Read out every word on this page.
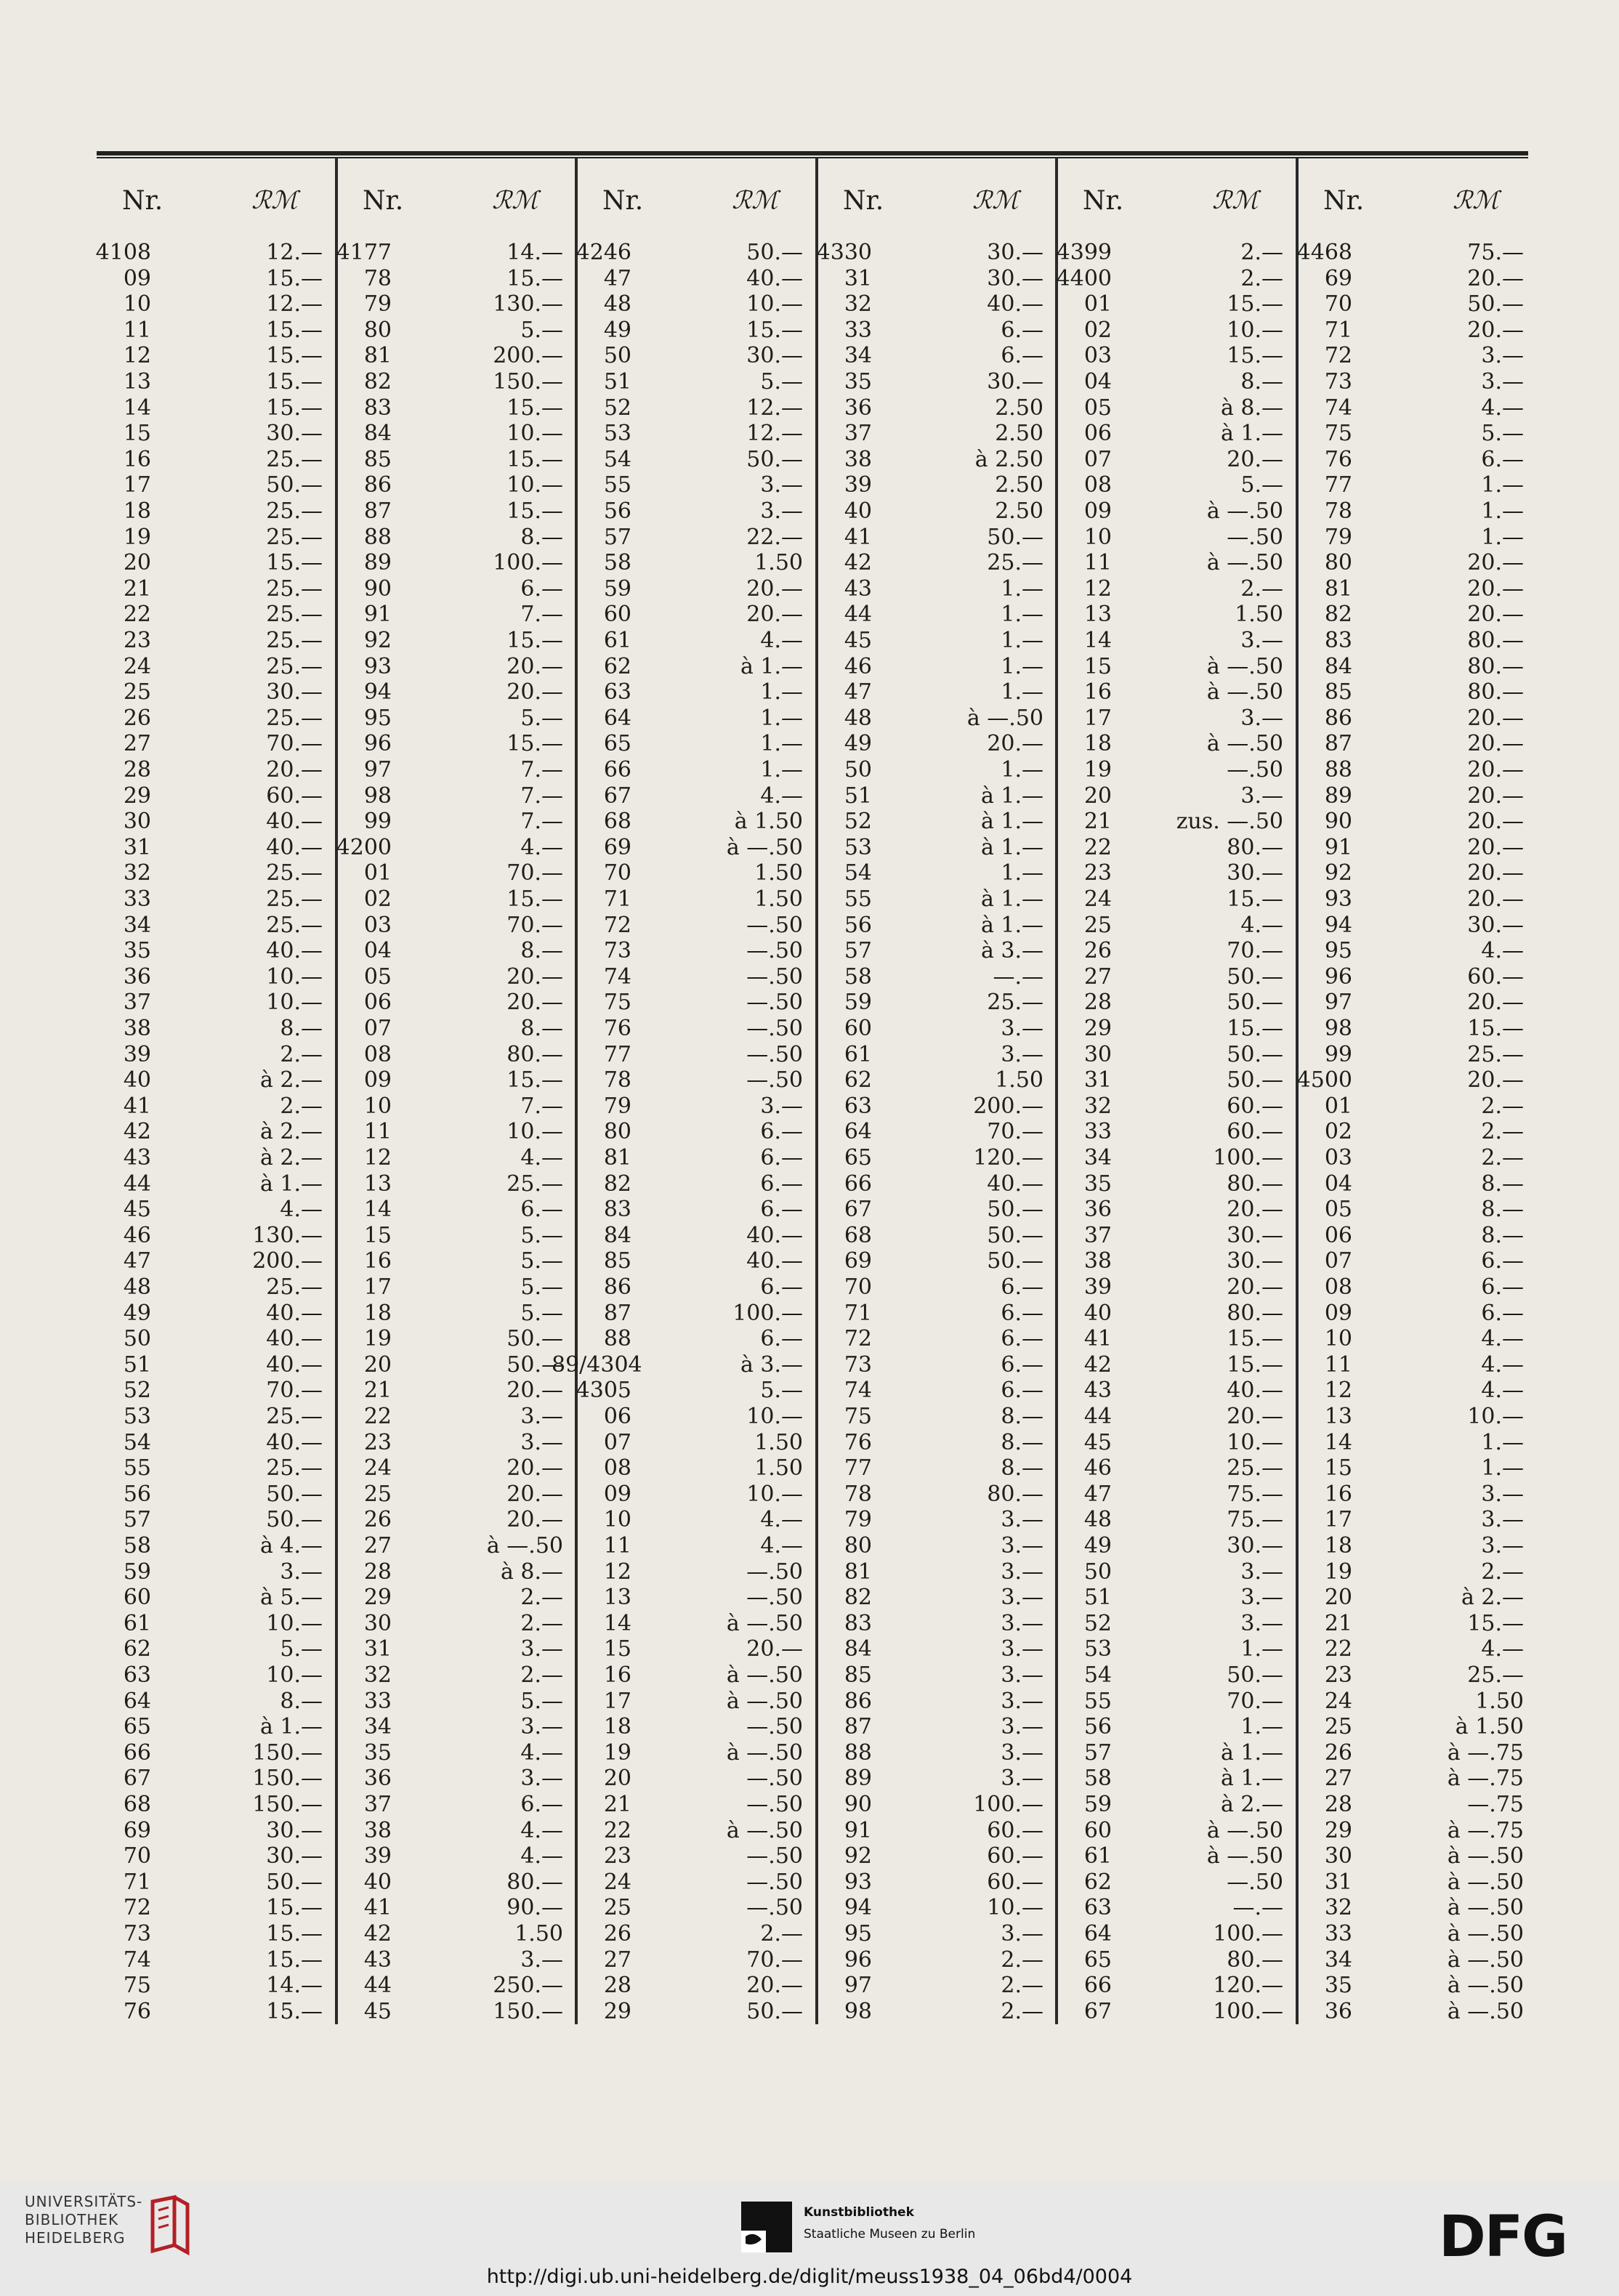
Nr.	ℛℳ
4108	12.—
09	15.—
10	12.—
11	15.—
12	15.—
13	15.—
14	15.—
15	30.—
16	25.—
17	50.—
18	25.—
19	25.—
20	15.—
21	25.—
22	25.—
23	25.—
24	25.—
25	30.—
26	25.—
27	70.—
28	20.—
29	60.—
30	40.—
31	40.—
32	25.—
33	25.—
34	25.—
35	40.—
36	10.—
37	10.—
38	8.—
39	2.—
40	à 2.—
41	2.—
42	à 2.—
43	à 2.—
44	à 1.—
45	4.—
46	130.—
47	200.—
48	25.—
49	40.—
50	40.—
51	40.—
52	70.—
53	25.—
54	40.—
55	25.—
56	50.—
57	50.—
58	à 4.—
59	3.—
60	à 5.—
61	10.—
62	5.—
63	10.—
64	8.—
65	à 1.—
66	150.—
67	150.—
68	150.—
69	30.—
70	30.—
71	50.—
72	15.—
73	15.—
74	15.—
75	14.—
76	15.—
Nr.	ℛℳ
4177	14.—
78	15.—
79	130.—
80	5.—
81	200.—
82	150.—
83	15.—
84	10.—
85	15.—
86	10.—
87	15.—
88	8.—
89	100.—
90	6.—
91	7.—
92	15.—
93	20.—
94	20.—
95	5.—
96	15.—
97	7.—
98	7.—
99	7.—
4200	4.—
01	70.—
02	15.—
03	70.—
04	8.—
05	20.—
06	20.—
07	8.—
08	80.—
09	15.—
10	7.—
11	10.—
12	4.—
13	25.—
14	6.—
15	5.—
16	5.—
17	5.—
18	5.—
19	50.—
20	50.—
21	20.—
22	3.—
23	3.—
24	20.—
25	20.—
26	20.—
27	à —.50
28	à 8.—
29	2.—
30	2.—
31	3.—
32	2.—
33	5.—
34	3.—
35	4.—
36	3.—
37	6.—
38	4.—
39	4.—
40	80.—
41	90.—
42	1.50
43	3.—
44	250.—
45	150.—
Nr.	ℛℳ
4246	50.—
47	40.—
48	10.—
49	15.—
50	30.—
51	5.—
52	12.—
53	12.—
54	50.—
55	3.—
56	3.—
57	22.—
58	1.50
59	20.—
60	20.—
61	4.—
62	à 1.—
63	1.—
64	1.—
65	1.—
66	1.—
67	4.—
68	à 1.50
69	à —.50
70	1.50
71	1.50
72	—.50
73	—.50
74	—.50
75	—.50
76	—.50
77	—.50
78	—.50
79	3.—
80	6.—
81	6.—
82	6.—
83	6.—
84	40.—
85	40.—
86	6.—
87	100.—
88	6.—
89/4304	à 3.—
4305	5.—
06	10.—
07	1.50
08	1.50
09	10.—
10	4.—
11	4.—
12	—.50
13	—.50
14	à —.50
15	20.—
16	à —.50
17	à —.50
18	—.50
19	à —.50
20	—.50
21	—.50
22	à —.50
23	—.50
24	—.50
25	—.50
26	2.—
27	70.—
28	20.—
29	50.—
Nr.	ℛℳ
4330	30.—
31	30.—
32	40.—
33	6.—
34	6.—
35	30.—
36	2.50
37	2.50
38	à 2.50
39	2.50
40	2.50
41	50.—
42	25.—
43	1.—
44	1.—
45	1.—
46	1.—
47	1.—
48	à —.50
49	20.—
50	1.—
51	à 1.—
52	à 1.—
53	à 1.—
54	1.—
55	à 1.—
56	à 1.—
57	à 3.—
58	—.—
59	25.—
60	3.—
61	3.—
62	1.50
63	200.—
64	70.—
65	120.—
66	40.—
67	50.—
68	50.—
69	50.—
70	6.—
71	6.—
72	6.—
73	6.—
74	6.—
75	8.—
76	8.—
77	8.—
78	80.—
79	3.—
80	3.—
81	3.—
82	3.—
83	3.—
84	3.—
85	3.—
86	3.—
87	3.—
88	3.—
89	3.—
90	100.—
91	60.—
92	60.—
93	60.—
94	10.—
95	3.—
96	2.—
97	2.—
98	2.—
Nr.	ℛℳ
4399	2.—
4400	2.—
01	15.—
02	10.—
03	15.—
04	8.—
05	à 8.—
06	à 1.—
07	20.—
08	5.—
09	à —.50
10	—.50
11	à —.50
12	2.—
13	1.50
14	3.—
15	à —.50
16	à —.50
17	3.—
18	à —.50
19	—.50
20	3.—
21	zus. —.50
22	80.—
23	30.—
24	15.—
25	4.—
26	70.—
27	50.—
28	50.—
29	15.—
30	50.—
31	50.—
32	60.—
33	60.—
34	100.—
35	80.—
36	20.—
37	30.—
38	30.—
39	20.—
40	80.—
41	15.—
42	15.—
43	40.—
44	20.—
45	10.—
46	25.—
47	75.—
48	75.—
49	30.—
50	3.—
51	3.—
52	3.—
53	1.—
54	50.—
55	70.—
56	1.—
57	à 1.—
58	à 1.—
59	à 2.—
60	à —.50
61	à —.50
62	—.50
63	—.—
64	100.—
65	80.—
66	120.—
67	100.—
Nr.	ℛℳ
4468	75.—
69	20.—
70	50.—
71	20.—
72	3.—
73	3.—
74	4.—
75	5.—
76	6.—
77	1.—
78	1.—
79	1.—
80	20.—
81	20.—
82	20.—
83	80.—
84	80.—
85	80.—
86	20.—
87	20.—
88	20.—
89	20.—
90	20.—
91	20.—
92	20.—
93	20.—
94	30.—
95	4.—
96	60.—
97	20.—
98	15.—
99	25.—
4500	20.—
01	2.—
02	2.—
03	2.—
04	8.—
05	8.—
06	8.—
07	6.—
08	6.—
09	6.—
10	4.—
11	4.—
12	4.—
13	10.—
14	1.—
15	1.—
16	3.—
17	3.—
18	3.—
19	2.—
20	à 2.—
21	15.—
22	4.—
23	25.—
24	1.50
25	à 1.50
26	à —.75
27	à —.75
28	—.75
29	à —.75
30	à —.50
31	à —.50
32	à —.50
33	à —.50
34	à —.50
35	à —.50
36	à —.50
UNIVERSITÄTS-
BIBLIOTHEK
HEIDELBERG
Kunstbibliothek
Staatliche Museen zu Berlin	DFG
http://digi.ub.uni-heidelberg.de/diglit/meuss1938_04_06bd4/0004
